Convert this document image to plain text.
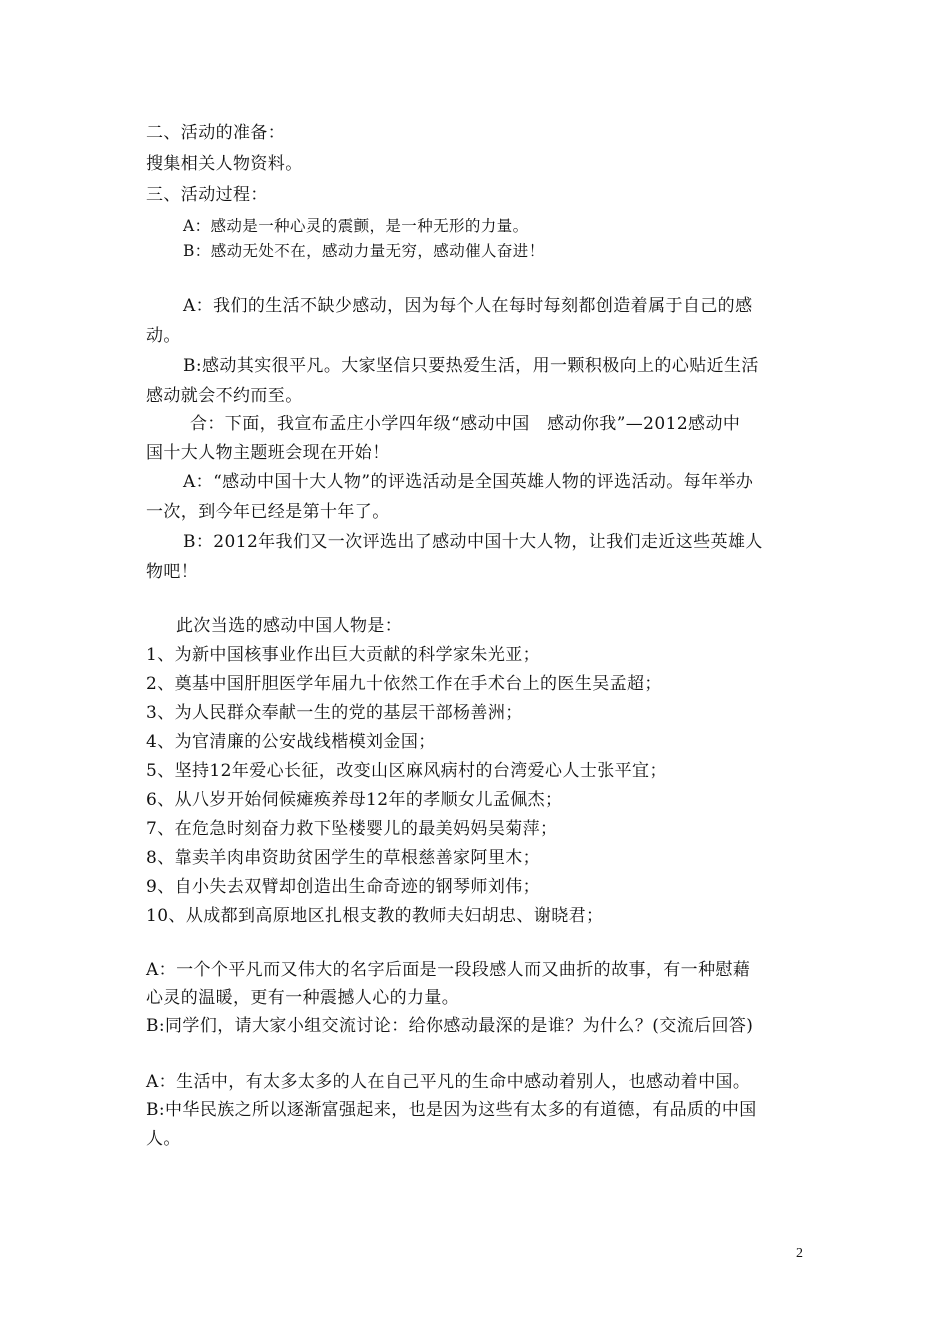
二、活动的准备：
搜集相关人物资料。
三、活动过程：
A：感动是一种心灵的震颤，是一种无形的力量。
B：感动无处不在，感动力量无穷，感动催人奋进！
A：我们的生活不缺少感动，因为每个人在每时每刻都创造着属于自己的感
动。
B:感动其实很平凡。大家坚信只要热爱生活，用一颗积极向上的心贴近生活
感动就会不约而至。
合：下面，我宣布孟庄小学四年级“感动中国　感动你我”—2012感动中
国十大人物主题班会现在开始！
A：“感动中国十大人物”的评选活动是全国英雄人物的评选活动。每年举办
一次，到今年已经是第十年了。
B：2012年我们又一次评选出了感动中国十大人物，让我们走近这些英雄人
物吧！
此次当选的感动中国人物是：
1、为新中国核事业作出巨大贡献的科学家朱光亚；
2、奠基中国肝胆医学年届九十依然工作在手术台上的医生吴孟超；
3、为人民群众奉献一生的党的基层干部杨善洲；
4、为官清廉的公安战线楷模刘金国；
5、坚持12年爱心长征，改变山区麻风病村的台湾爱心人士张平宜；
6、从八岁开始伺候瘫痪养母12年的孝顺女儿孟佩杰；
7、在危急时刻奋力救下坠楼婴儿的最美妈妈吴菊萍；
8、靠卖羊肉串资助贫困学生的草根慈善家阿里木；
9、自小失去双臂却创造出生命奇迹的钢琴师刘伟；
10、从成都到高原地区扎根支教的教师夫妇胡忠、谢晓君；
A：一个个平凡而又伟大的名字后面是一段段感人而又曲折的故事，有一种慰藉
心灵的温暖，更有一种震撼人心的力量。
B:同学们，请大家小组交流讨论：给你感动最深的是谁？为什么？(交流后回答)
A：生活中，有太多太多的人在自己平凡的生命中感动着别人，也感动着中国。
B:中华民族之所以逐渐富强起来，也是因为这些有太多的有道德，有品质的中国
人。
2
